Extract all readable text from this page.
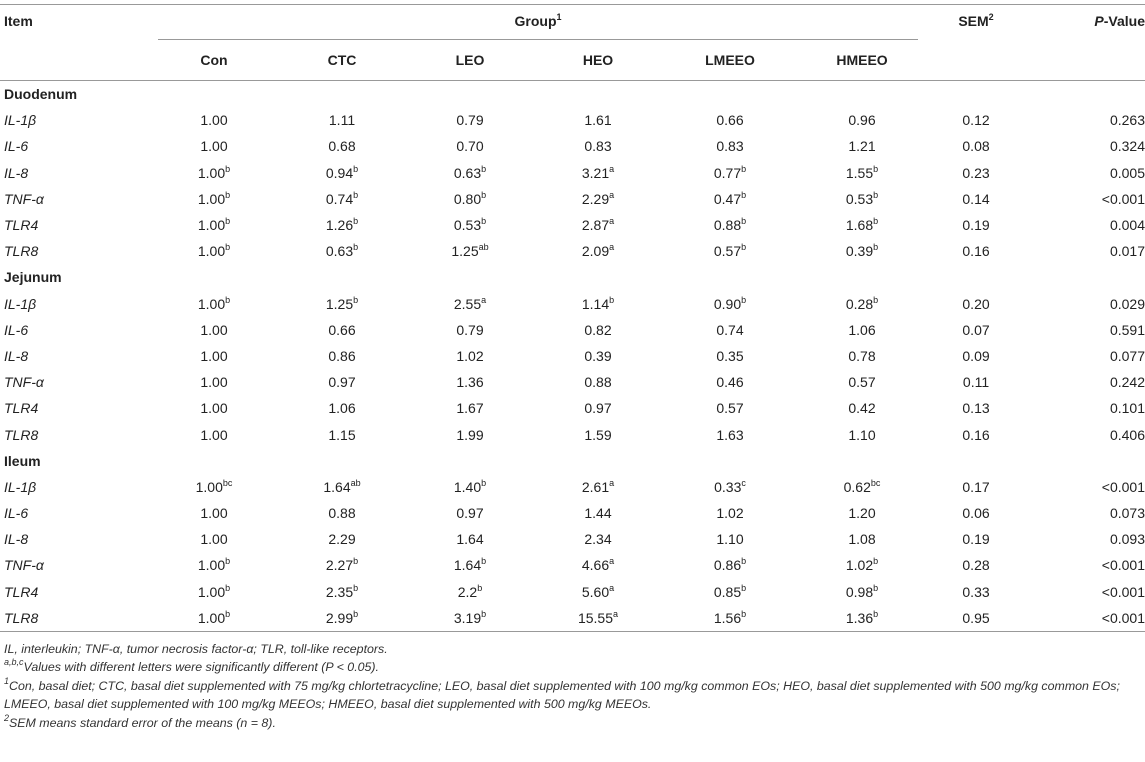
Item	Group$^1$						SEM$^2$	P-Value
	Con	CTC	LEO	HEO	LMEEO	HMEEO		
Duodenum								
IL-1β	1.00	1.11	0.79	1.61	0.66	0.96	0.12	0.263
IL-6	1.00	0.68	0.70	0.83	0.83	1.21	0.08	0.324
IL-8	1.00$^b$	0.94$^b$	0.63$^b$	3.21$^a$	0.77$^b$	1.55$^b$	0.23	0.005
TNF-α	1.00$^b$	0.74$^b$	0.80$^b$	2.29$^a$	0.47$^b$	0.53$^b$	0.14	<0.001
TLR4	1.00$^b$	1.26$^b$	0.53$^b$	2.87$^a$	0.88$^b$	1.68$^b$	0.19	0.004
TLR8	1.00$^b$	0.63$^b$	1.25$^{ab}$	2.09$^a$	0.57$^b$	0.39$^b$	0.16	0.017
Jejunum								
IL-1β	1.00$^b$	1.25$^b$	2.55$^a$	1.14$^b$	0.90$^b$	0.28$^b$	0.20	0.029
IL-6	1.00	0.66	0.79	0.82	0.74	1.06	0.07	0.591
IL-8	1.00	0.86	1.02	0.39	0.35	0.78	0.09	0.077
TNF-α	1.00	0.97	1.36	0.88	0.46	0.57	0.11	0.242
TLR4	1.00	1.06	1.67	0.97	0.57	0.42	0.13	0.101
TLR8	1.00	1.15	1.99	1.59	1.63	1.10	0.16	0.406
Ileum								
IL-1β	1.00$^{bc}$	1.64$^{ab}$	1.40$^b$	2.61$^a$	0.33$^c$	0.62$^{bc}$	0.17	<0.001
IL-6	1.00	0.88	0.97	1.44	1.02	1.20	0.06	0.073
IL-8	1.00	2.29	1.64	2.34	1.10	1.08	0.19	0.093
TNF-α	1.00$^b$	2.27$^b$	1.64$^b$	4.66$^a$	0.86$^b$	1.02$^b$	0.28	<0.001
TLR4	1.00$^b$	2.35$^b$	2.2$^b$	5.60$^a$	0.85$^b$	0.98$^b$	0.33	<0.001
TLR8	1.00$^b$	2.99$^b$	3.19$^b$	15.55$^a$	1.56$^b$	1.36$^b$	0.95	<0.001
IL, interleukin; TNF-α, tumor necrosis factor-α; TLR, toll-like receptors.
$^{a,b,c}$Values with different letters were significantly different (P < 0.05).
$^1$Con, basal diet; CTC, basal diet supplemented with 75 mg/kg chlortetracycline; LEO, basal diet supplemented with 100 mg/kg common EOs; HEO, basal diet supplemented with 500 mg/kg common EOs; LMEEO, basal diet supplemented with 100 mg/kg MEEOs; HMEEO, basal diet supplemented with 500 mg/kg MEEOs.
$^2$SEM means standard error of the means (n = 8).
